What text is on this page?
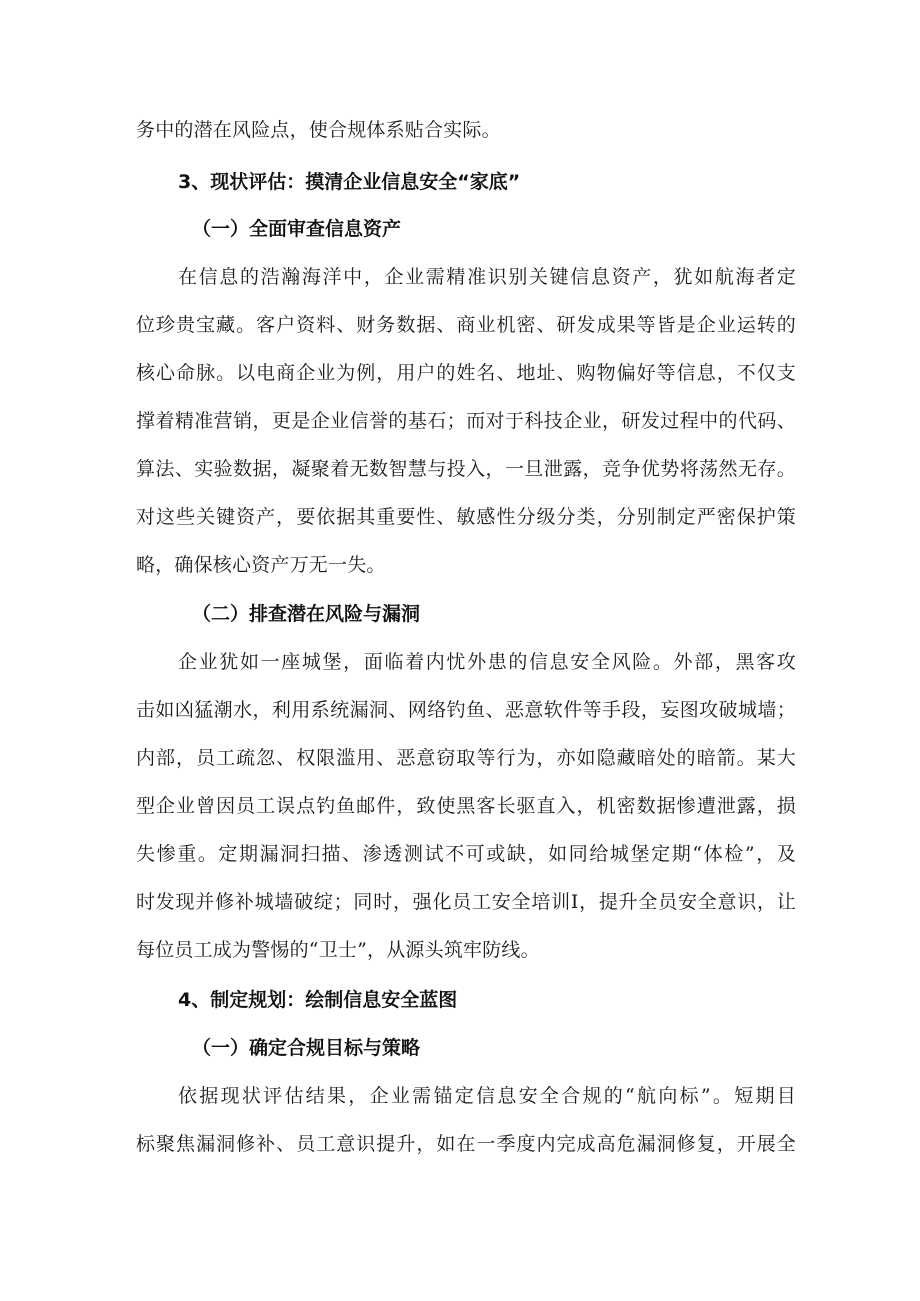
务中的潜在风险点，使合规体系贴合实际。
3、现状评估：摸清企业信息安全“家底”
（一）全面审查信息资产
在信息的浩瀚海洋中，企业需精准识别关键信息资产，犹如航海者定
位珍贵宝藏。客户资料、财务数据、商业机密、研发成果等皆是企业运转的
核心命脉。以电商企业为例，用户的姓名、地址、购物偏好等信息，不仅支
撑着精准营销，更是企业信誉的基石；而对于科技企业，研发过程中的代码、
算法、实验数据，凝聚着无数智慧与投入，一旦泄露，竞争优势将荡然无存。
对这些关键资产，要依据其重要性、敏感性分级分类，分别制定严密保护策
略，确保核心资产万无一失。
（二）排查潜在风险与漏洞
企业犹如一座城堡，面临着内忧外患的信息安全风险。外部，黑客攻
击如凶猛潮水，利用系统漏洞、网络钓鱼、恶意软件等手段，妄图攻破城墙；
内部，员工疏忽、权限滥用、恶意窃取等行为，亦如隐藏暗处的暗箭。某大
型企业曾因员工误点钓鱼邮件，致使黑客长驱直入，机密数据惨遭泄露，损
失惨重。定期漏洞扫描、渗透测试不可或缺，如同给城堡定期“体检”，及
时发现并修补城墙破绽；同时，强化员工安全培训I，提升全员安全意识，让
每位员工成为警惕的“卫士”，从源头筑牢防线。
4、制定规划：绘制信息安全蓝图
（一）确定合规目标与策略
依据现状评估结果，企业需锚定信息安全合规的“航向标”。短期目
标聚焦漏洞修补、员工意识提升，如在一季度内完成高危漏洞修复，开展全
